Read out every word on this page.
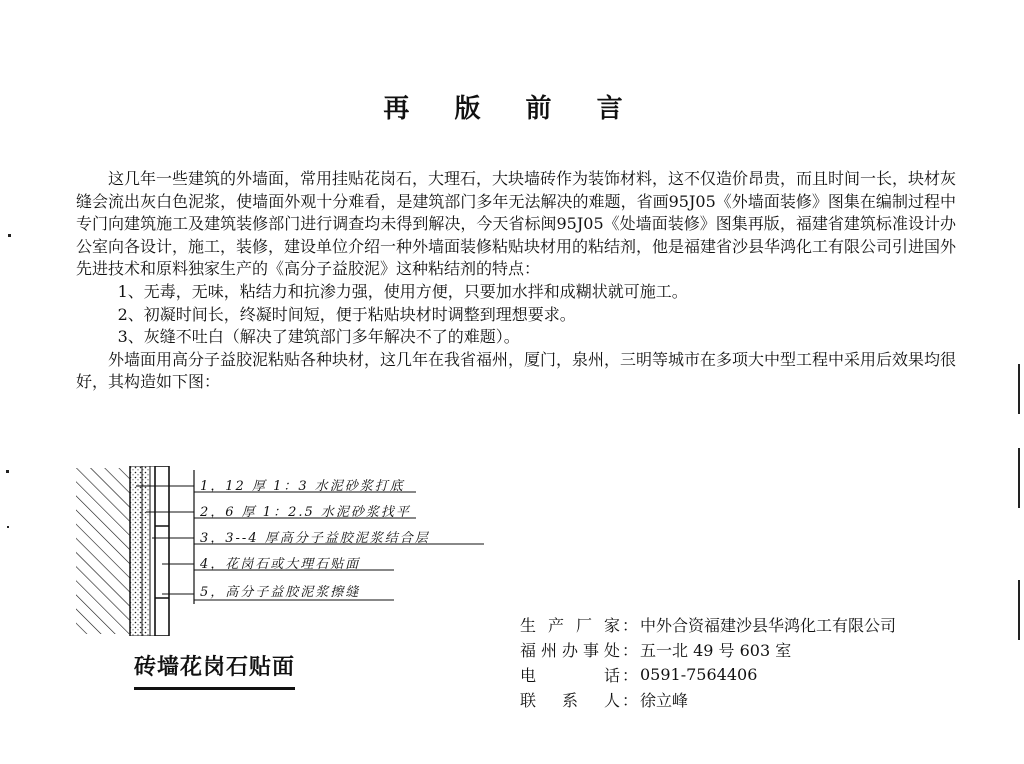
再 版 前 言

这几年一些建筑的外墙面，常用挂贴花岗石，大理石，大块墙砖作为装饰材料，这不仅造价昂贵，而且时间一长，块材灰缝会流出灰白色泥浆，使墙面外观十分难看，是建筑部门多年无法解决的难题，省画95J05《外墙面装修》图集在编制过程中专门向建筑施工及建筑装修部门进行调查均未得到解决，今天省标闽95J05《处墙面装修》图集再版，福建省建筑标准设计办公室向各设计，施工，装修，建设单位介绍一种外墙面装修粘贴块材用的粘结剂，他是福建省沙县华鸿化工有限公司引进国外先进技术和原料独家生产的《高分子益胶泥》这种粘结剂的特点：

1、无毒，无味，粘结力和抗渗力强，使用方便，只要加水拌和成糊状就可施工。

2、初凝时间长，终凝时间短，便于粘贴块材时调整到理想要求。

3、灰缝不吐白（解决了建筑部门多年解决不了的难题）。

外墙面用高分子益胶泥粘贴各种块材，这几年在我省福州，厦门，泉州，三明等城市在多项大中型工程中采用后效果均很好，其构造如下图：

1，12 厚 1：3 水泥砂浆打底
2，6 厚 1：2.5 水泥砂浆找平
3，3--4 厚高分子益胶泥浆结合层
4，花岗石或大理石贴面
5，高分子益胶泥浆擦缝
砖墙花岗石贴面
生产厂家 ： 中外合资福建沙县华鸿化工有限公司
福州办事处 ： 五一北 49 号 603 室
电话 ： 0591-7564406
联系人 ： 徐立峰
